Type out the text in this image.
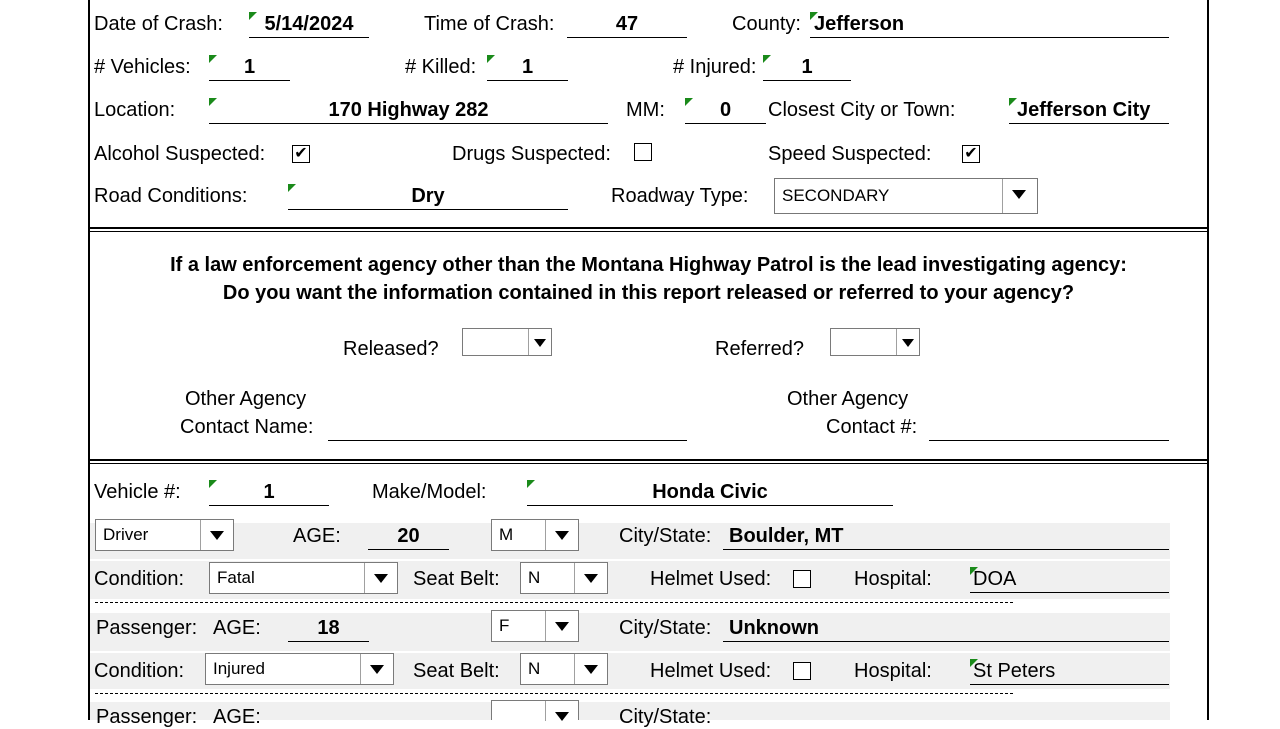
Date of Crash:	5/14/2024	Time of Crash:	47	County: Jefferson
# Vehicles:	1	# Killed:	1	# Injured:	1
Location:	170 Highway 282	MM:	0	Closest City or Town:	Jefferson City
Alcohol Suspected: ✔	Drugs Suspected:	Speed Suspected: ✔
Road Conditions:	Dry	Roadway Type: SECONDARY
If a law enforcement agency other than the Montana Highway Patrol is the lead investigating agency:
Do you want the information contained in this report released or referred to your agency?
Released?	Referred?
Other Agency
Contact Name:
Other Agency
Contact #:
Vehicle #:	1	Make/Model:	Honda Civic
Driver	AGE:	20	M	City/State: Boulder, MT
Condition: Fatal	Seat Belt: N	Helmet Used:	Hospital: DOA
Passenger: AGE:	18	F	City/State: Unknown
Condition: Injured	Seat Belt: N	Helmet Used:	Hospital: St Peters
Passenger: AGE:	City/State:
